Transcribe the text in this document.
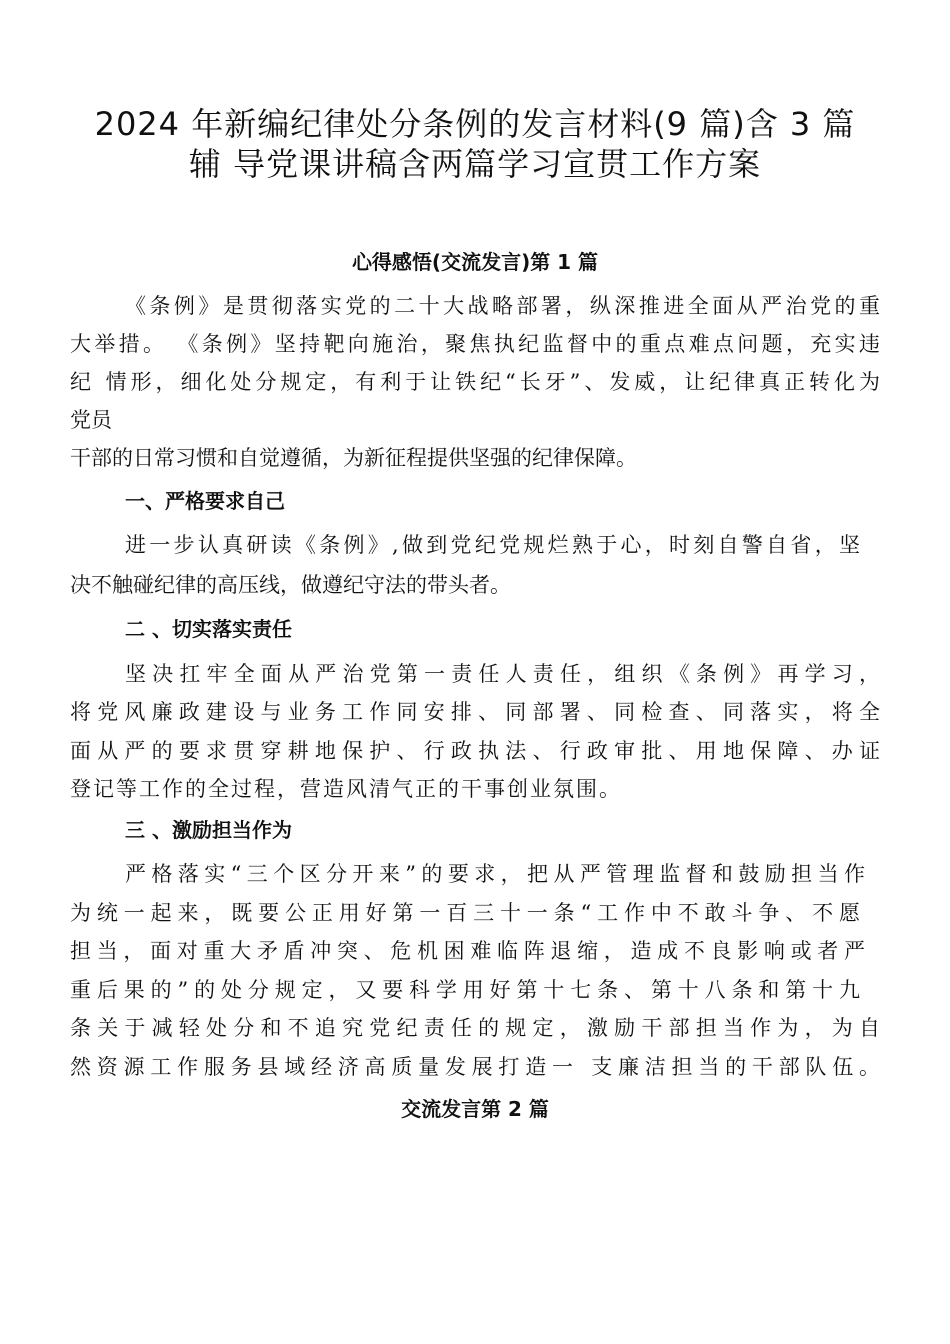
2024 年新编纪律处分条例的发言材料(9 篇)含 3 篇
辅 导党课讲稿含两篇学习宣贯工作方案
心得感悟(交流发言)第 1 篇
《条例》是贯彻落实党的二十大战略部署，纵深推进全面从严治党的重
大举措。 《条例》坚持靶向施治，聚焦执纪监督中的重点难点问题，充实违
纪 情形，细化处分规定，有利于让铁纪“长牙”、发威，让纪律真正转化为
党员
干部的日常习惯和自觉遵循，为新征程提供坚强的纪律保障。
一、严格要求自己
进一步认真研读《条例》,做到党纪党规烂熟于心，时刻自警自省，坚
决不触碰纪律的高压线，做遵纪守法的带头者。
二 、切实落实责任
坚决扛牢全面从严治党第一责任人责任，组织《条例》再学习，
将党风廉政建设与业务工作同安排、同部署、同检查、同落实，将全
面从严的要求贯穿耕地保护、行政执法、行政审批、用地保障、办证
登记等工作的全过程，营造风清气正的干事创业氛围。
三 、激励担当作为
严格落实“三个区分开来”的要求，把从严管理监督和鼓励担当作
为统一起来，既要公正用好第一百三十一条“工作中不敢斗争、不愿
担当，面对重大矛盾冲突、危机困难临阵退缩，造成不良影响或者严
重后果的”的处分规定，又要科学用好第十七条、第十八条和第十九
条关于减轻处分和不追究党纪责任的规定，激励干部担当作为，为自
然资源工作服务县域经济高质量发展打造一 支廉洁担当的干部队伍。
交流发言第 2 篇
